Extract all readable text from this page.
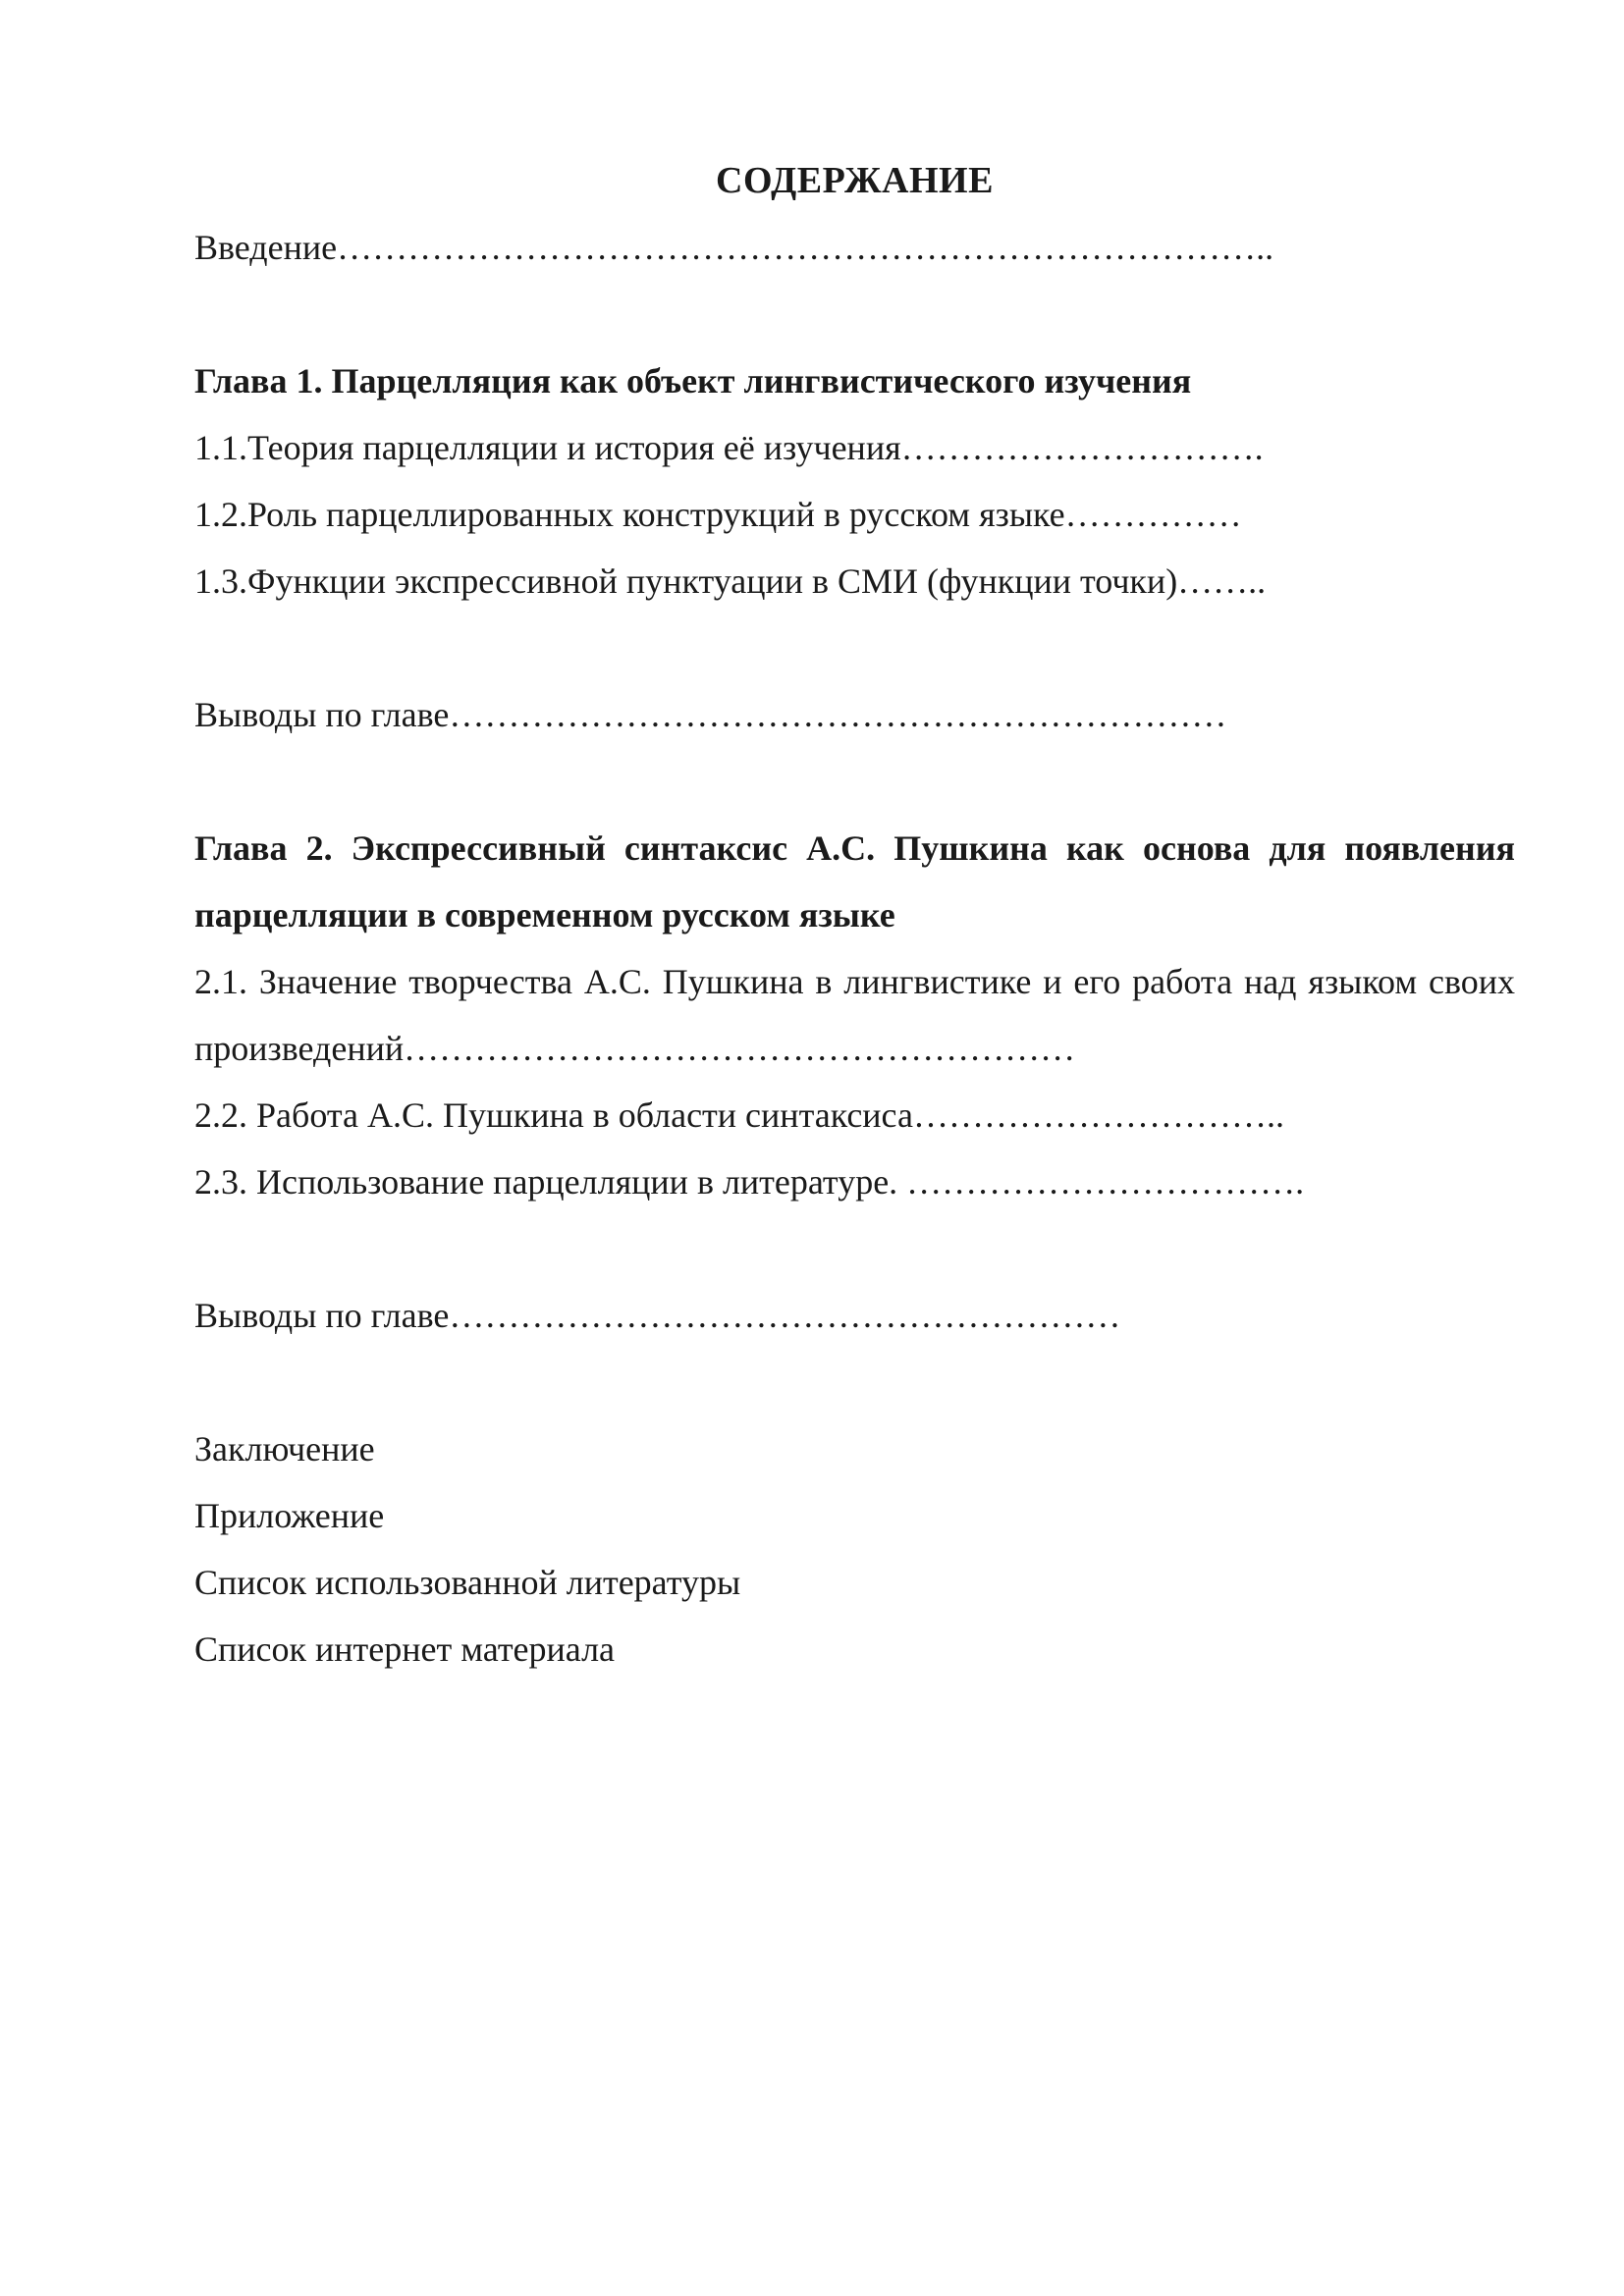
СОДЕРЖАНИЕ

Введение……………………………………………………………………..

Глава 1. Парцелляция как объект лингвистического изучения

1.1.Теория парцелляции и история её изучения………………………….

1.2.Роль парцеллированных конструкций в русском языке……………

1.3.Функции экспрессивной пунктуации в СМИ (функции точки)……..

Выводы по главе…………………………………………………………

Глава 2. Экспрессивный синтаксис А.С. Пушкина как основа для появления парцелляции в современном русском языке

2.1. Значение творчества А.С. Пушкина в лингвистике и его работа над языком своих произведений…………………………………………………

2.2. Работа А.С. Пушкина в области синтаксиса…………………………..

2.3. Использование парцелляции в литературе. …………………………….

Выводы по главе…………………………………………………

Заключение

Приложение

Список использованной литературы

Список интернет материала
